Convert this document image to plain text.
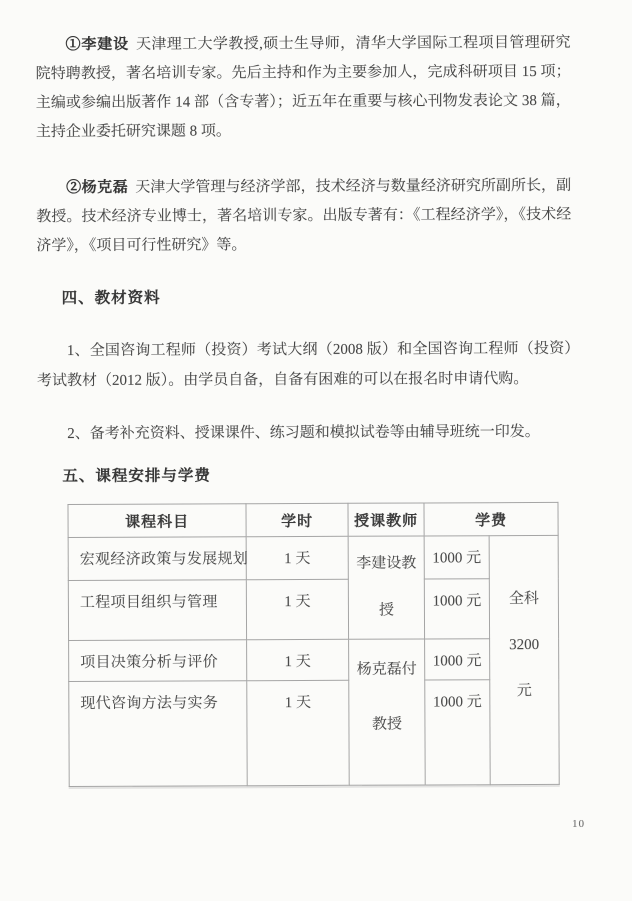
①李建设 天津理工大学教授,硕士生导师，清华大学国际工程项目管理研究院特聘教授，著名培训专家。先后主持和作为主要参加人，完成科研项目 15 项；主编或参编出版著作 14 部（含专著）；近五年在重要与核心刊物发表论文 38 篇，主持企业委托研究课题 8 项。

②杨克磊 天津大学管理与经济学部，技术经济与数量经济研究所副所长，副教授。技术经济专业博士，著名培训专家。出版专著有：《工程经济学》，《技术经济学》，《项目可行性研究》等。

四、教材资料

1、全国咨询工程师（投资）考试大纲（2008 版）和全国咨询工程师（投资）考试教材（2012 版）。由学员自备，自备有困难的可以在报名时申请代购。

2、备考补充资料、授课课件、练习题和模拟试卷等由辅导班统一印发。

五、课程安排与学费
课程科目	学时	授课教师	学费	
宏观经济政策与发展规划	1 天	李建设教授	1000 元	全科 3200 元
工程项目组织与管理	1 天		1000 元	
项目决策分析与评价	1 天	杨克磊付教授	1000 元	
现代咨询方法与实务	1 天		1000 元	
10
